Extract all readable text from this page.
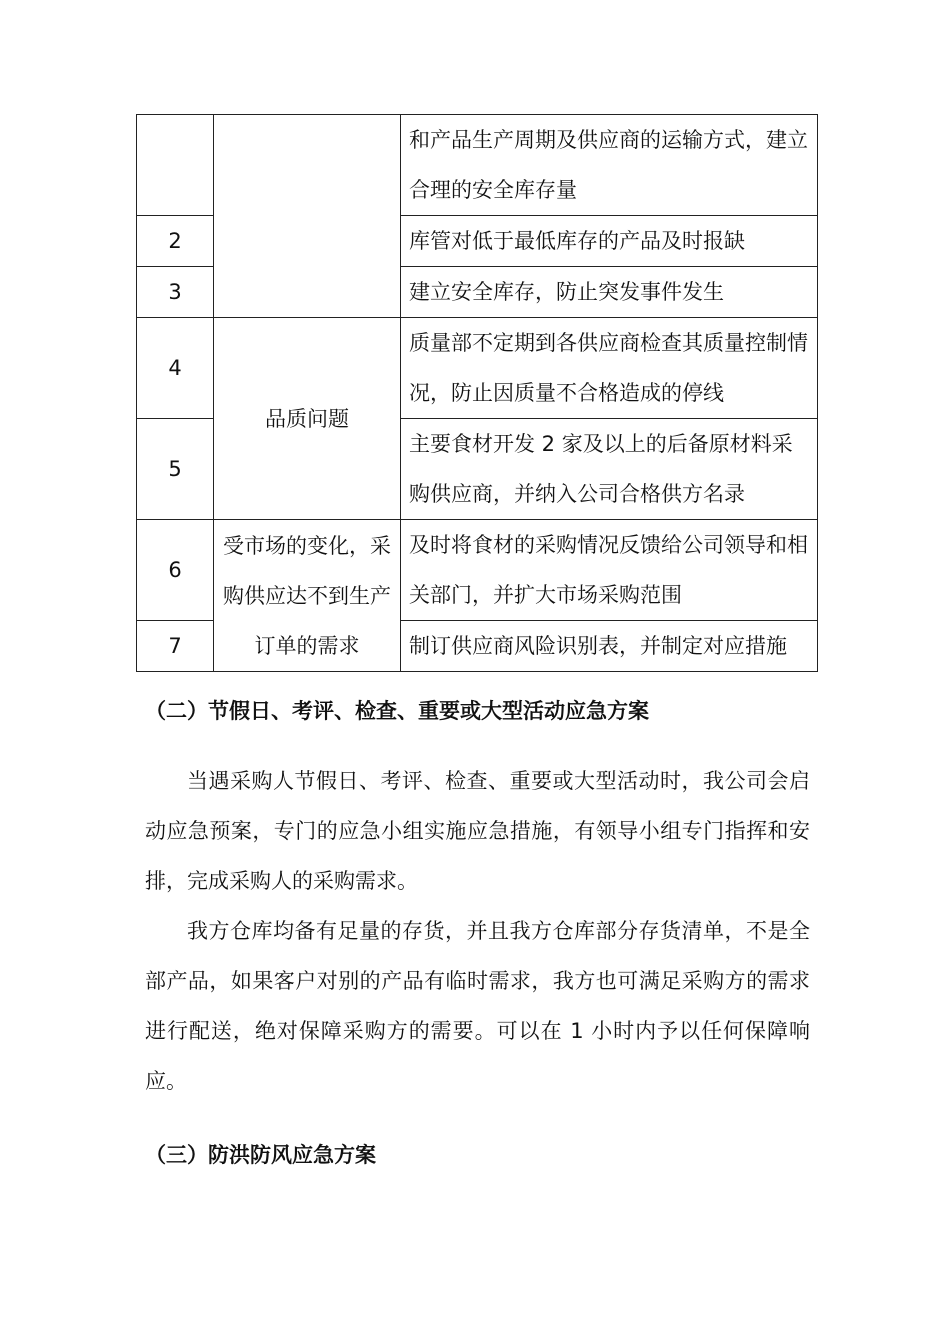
		和产品生产周期及供应商的运输方式，建立合理的安全库存量
2		库管对低于最低库存的产品及时报缺
3		建立安全库存，防止突发事件发生
4	品质问题	质量部不定期到各供应商检查其质量控制情况，防止因质量不合格造成的停线
5		主要食材开发 2 家及以上的后备原材料采购供应商，并纳入公司合格供方名录
6	受市场的变化，采购供应达不到生产订单的需求	及时将食材的采购情况反馈给公司领导和相关部门，并扩大市场采购范围
7		制订供应商风险识别表，并制定对应措施
（二）节假日、考评、检查、重要或大型活动应急方案

当遇采购人节假日、考评、检查、重要或大型活动时，我公司会启动应急预案，专门的应急小组实施应急措施，有领导小组专门指挥和安排，完成采购人的采购需求。

我方仓库均备有足量的存货，并且我方仓库部分存货清单，不是全部产品，如果客户对别的产品有临时需求，我方也可满足采购方的需求进行配送，绝对保障采购方的需要。可以在 1 小时内予以任何保障响应。

（三）防洪防风应急方案
